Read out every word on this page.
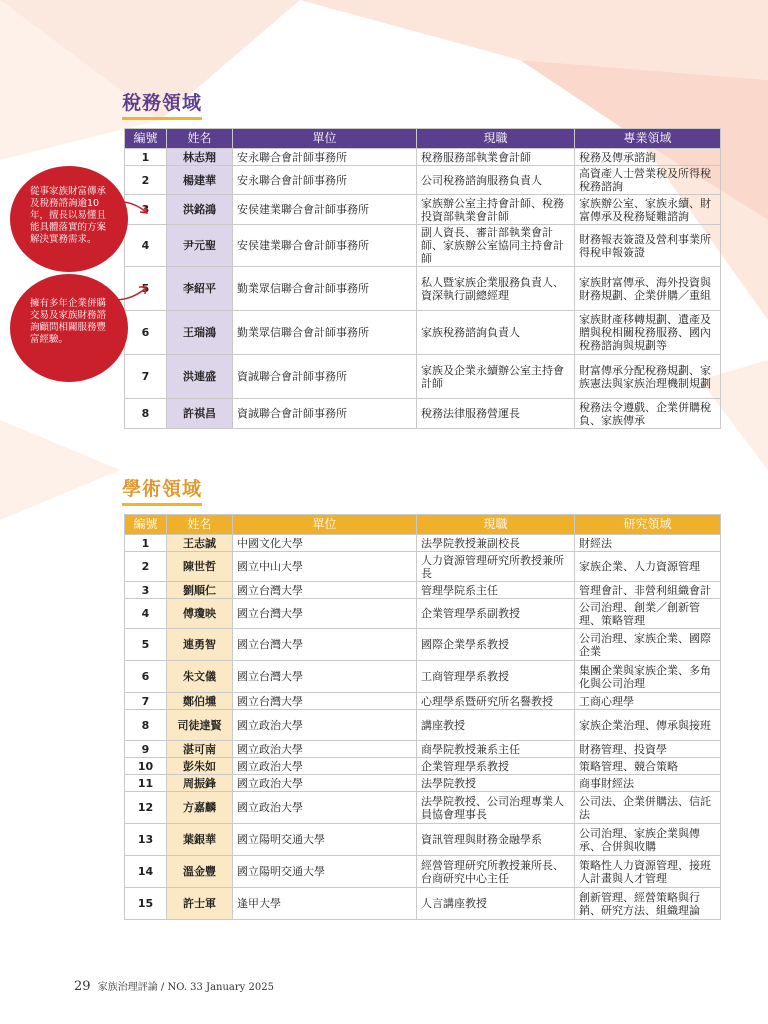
稅務領域
編號	姓名	單位	現職	專業領域
1	林志翔	安永聯合會計師事務所	稅務服務部執業會計師	稅務及傳承諮詢
2	楊建華	安永聯合會計師事務所	公司稅務諮詢服務負責人	高資產人士營業稅及所得稅稅務諮詢
3	洪銘鴻	安侯建業聯合會計師事務所	家族辦公室主持會計師、稅務投資部執業會計師	家族辦公室、家族永續、財富傳承及稅務疑難諮詢
4	尹元聖	安侯建業聯合會計師事務所	副人資長、審計部執業會計師、家族辦公室協同主持會計師	財務報表簽證及營利事業所得稅申報簽證
5	李紹平	勤業眾信聯合會計師事務所	私人暨家族企業服務負責人、資深執行副總經理	家族財富傳承、海外投資與財務規劃、企業併購／重組
6	王瑞鴻	勤業眾信聯合會計師事務所	家族稅務諮詢負責人	家族財產移轉規劃、遺產及贈與稅相關稅務服務、國內稅務諮詢與規劃等
7	洪連盛	資誠聯合會計師事務所	家族及企業永續辦公室主持會計師	財富傳承分配稅務規劃、家族憲法與家族治理機制規劃
8	許祺昌	資誠聯合會計師事務所	稅務法律服務營運長	稅務法令遵戲、企業併購稅負、家族傳承
學術領域
編號	姓名	單位	現職	研究領域
1	王志誠	中國文化大學	法學院教授兼副校長	財經法
2	陳世哲	國立中山大學	人力資源管理研究所教授兼所長	家族企業、人力資源管理
3	劉順仁	國立台灣大學	管理學院系主任	管理會計、非營利組織會計
4	傅瓊映	國立台灣大學	企業管理學系副教授	公司治理、創業／創新管理、策略管理
5	連勇智	國立台灣大學	國際企業學系教授	公司治理、家族企業、國際企業
6	朱文儀	國立台灣大學	工商管理學系教授	集團企業與家族企業、多角化與公司治理
7	鄭伯壎	國立台灣大學	心理學系暨研究所名譽教授	工商心理學
8	司徒達賢	國立政治大學	講座教授	家族企業治理、傳承與接班
9	湛可南	國立政治大學	商學院教授兼系主任	財務管理、投資學
10	彭朱如	國立政治大學	企業管理學系教授	策略管理、競合策略
11	周振鋒	國立政治大學	法學院教授	商事財經法
12	方嘉麟	國立政治大學	法學院教授、公司治理專業人員協會理事長	公司法、企業併購法、信託法
13	葉銀華	國立陽明交通大學	資訊管理與財務金融學系	公司治理、家族企業與傳承、合併與收購
14	溫金豐	國立陽明交通大學	經營管理研究所教授兼所長、台商研究中心主任	策略性人力資源管理、接班人計畫與人才管理
15	許士軍	逢甲大學	人言講座教授	創新管理、經營策略與行銷、研究方法、組織理論
從事家族財富傳承及稅務諮詢逾10年，擅長以易懂且能具體落實的方案解決實務需求。
擁有多年企業併購交易及家族財務諮詢顧問相關服務豐富經驗。
29 家族治理評論 / NO. 33 January 2025
